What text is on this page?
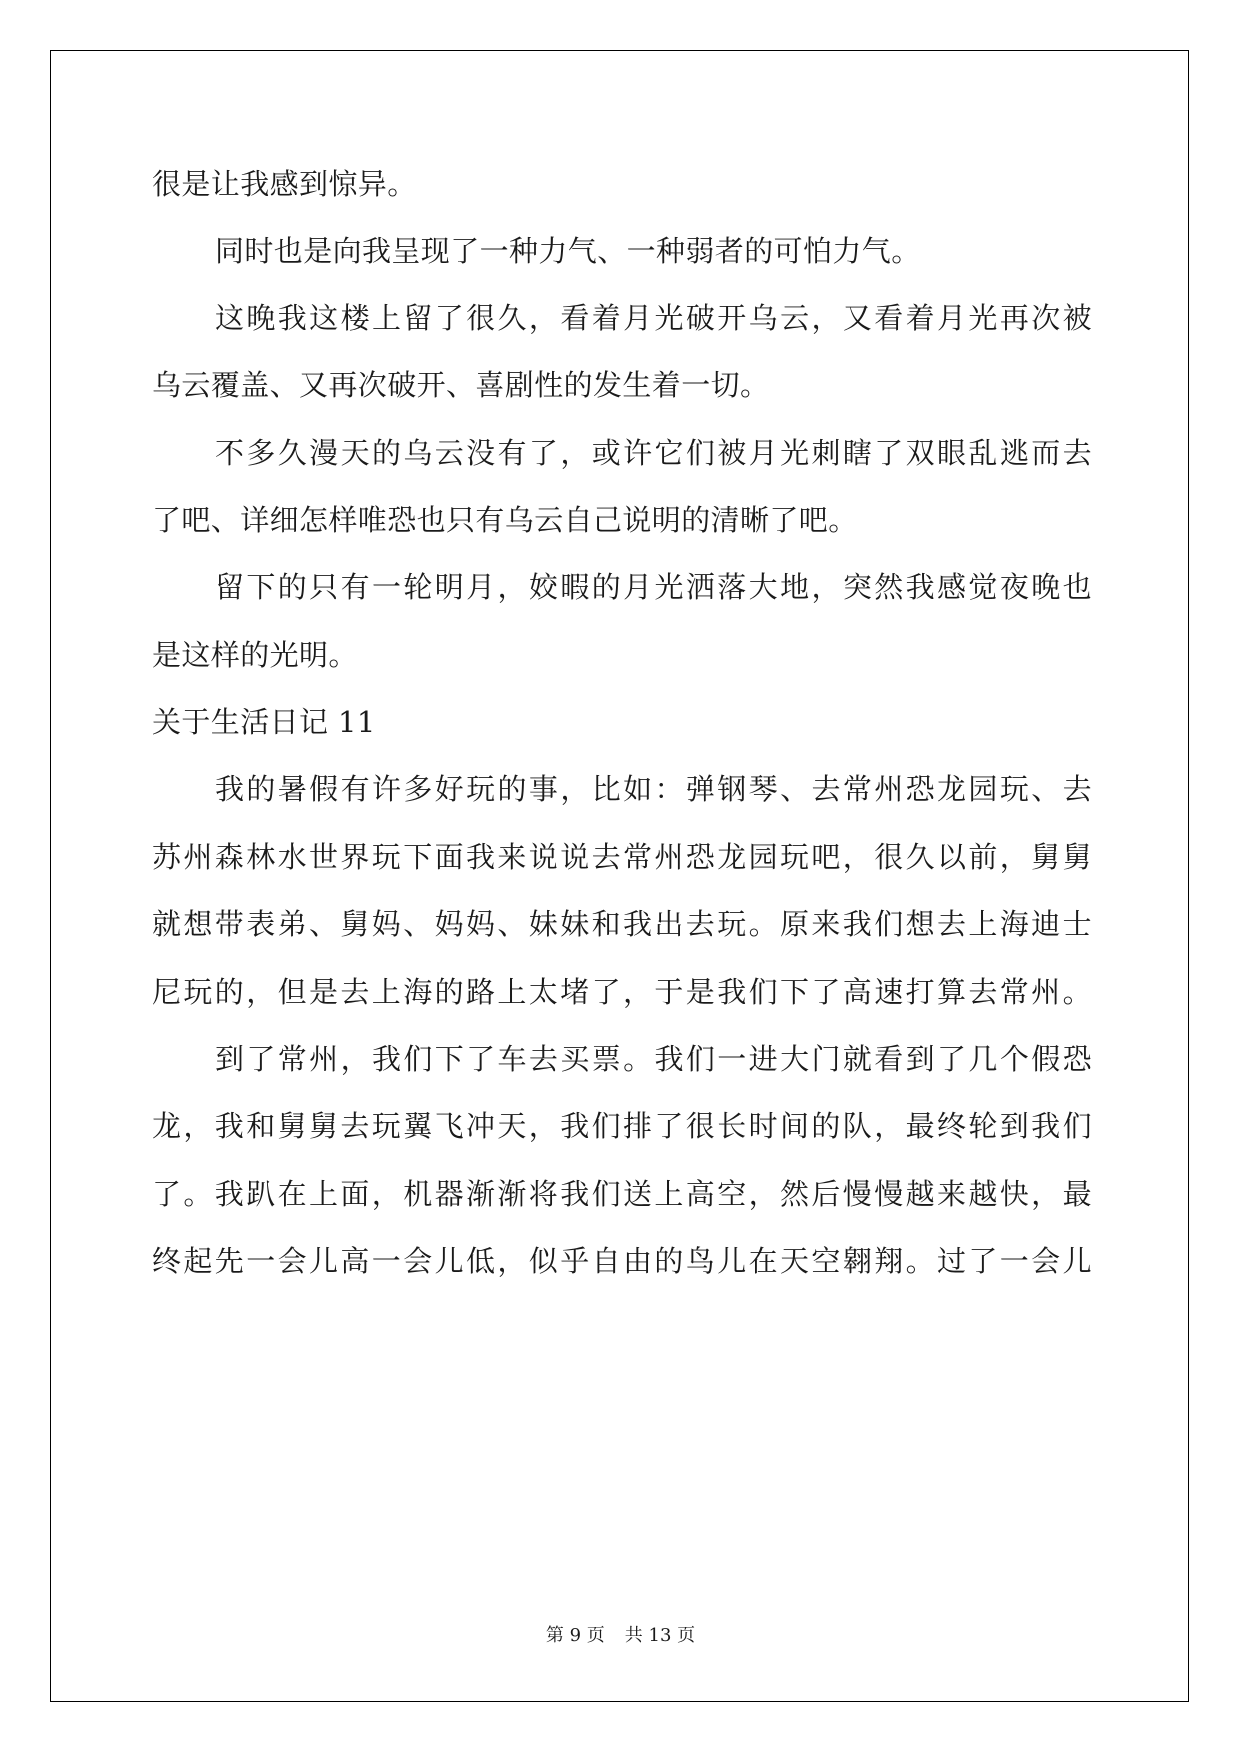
很是让我感到惊异。
同时也是向我呈现了一种力气、一种弱者的可怕力气。
这晚我这楼上留了很久，看着月光破开乌云，又看着月光再次被
乌云覆盖、又再次破开、喜剧性的发生着一切。
不多久漫天的乌云没有了，或许它们被月光刺瞎了双眼乱逃而去
了吧、详细怎样唯恐也只有乌云自己说明的清晰了吧。
留下的只有一轮明月，姣暇的月光洒落大地，突然我感觉夜晚也
是这样的光明。
关于生活日记 11
我的暑假有许多好玩的事，比如：弹钢琴、去常州恐龙园玩、去
苏州森林水世界玩下面我来说说去常州恐龙园玩吧，很久以前，舅舅
就想带表弟、舅妈、妈妈、妹妹和我出去玩。原来我们想去上海迪士
尼玩的，但是去上海的路上太堵了，于是我们下了高速打算去常州。
到了常州，我们下了车去买票。我们一进大门就看到了几个假恐
龙，我和舅舅去玩翼飞冲天，我们排了很长时间的队，最终轮到我们
了。我趴在上面，机器渐渐将我们送上高空，然后慢慢越来越快，最
终起先一会儿高一会儿低，似乎自由的鸟儿在天空翱翔。过了一会儿
第 9 页 共 13 页
